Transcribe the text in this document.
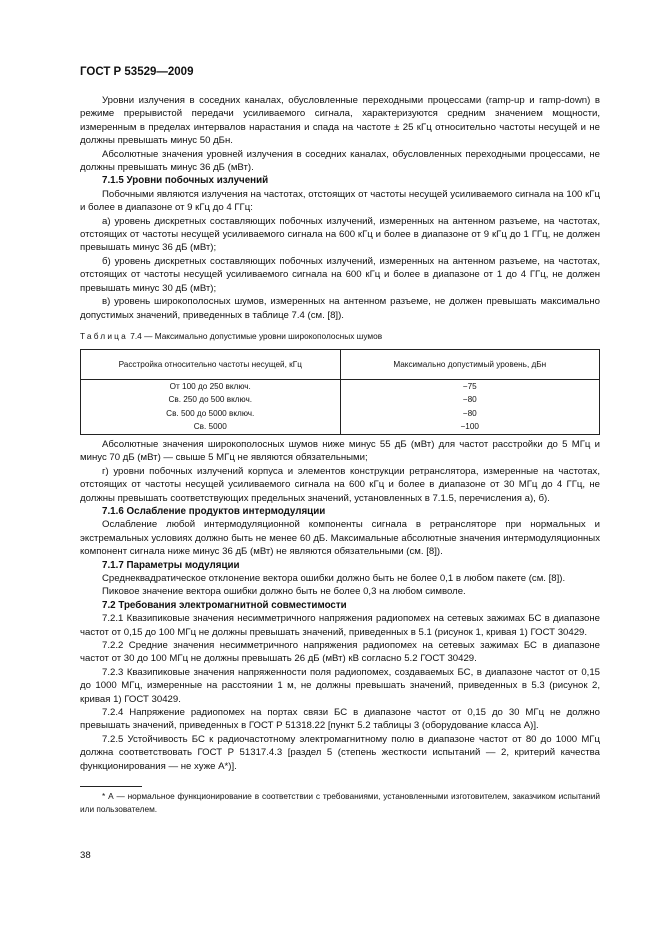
ГОСТ Р 53529—2009

Уровни излучения в соседних каналах, обусловленные переходными процессами (ramp-up и ramp-down) в режиме прерывистой передачи усиливаемого сигнала, характеризуются средним значением мощности, измеренным в пределах интервалов нарастания и спада на частоте ± 25 кГц относительно частоты несущей и не должны превышать минус 50 дБн.

Абсолютные значения уровней излучения в соседних каналах, обусловленных переходными процессами, не должны превышать минус 36 дБ (мВт).

7.1.5 Уровни побочных излучений

Побочными являются излучения на частотах, отстоящих от частоты несущей усиливаемого сигнала на 100 кГц и более в диапазоне от 9 кГц до 4 ГГц:

а) уровень дискретных составляющих побочных излучений, измеренных на антенном разъеме, на частотах, отстоящих от частоты несущей усиливаемого сигнала на 600 кГц и более в диапазоне от 9 кГц до 1 ГГц, не должен превышать минус 36 дБ (мВт);

б) уровень дискретных составляющих побочных излучений, измеренных на антенном разъеме, на частотах, отстоящих от частоты несущей усиливаемого сигнала на 600 кГц и более в диапазоне от 1 до 4 ГГц, не должен превышать минус 30 дБ (мВт);

в) уровень широкополосных шумов, измеренных на антенном разъеме, не должен превышать максимально допустимых значений, приведенных в таблице 7.4 (см. [8]).

Таблица 7.4 — Максимально допустимые уровни широкополосных шумов
Расстройка относительно частоты несущей, кГц	Максимально допустимый уровень, дБн
От 100 до 250 включ.	−75
Св. 250 до 500 включ.	−80
Св. 500 до 5000 включ.	−80
Св. 5000	−100

Абсолютные значения широкополосных шумов ниже минус 55 дБ (мВт) для частот расстройки до 5 МГц и минус 70 дБ (мВт) — свыше 5 МГц не являются обязательными;

г) уровни побочных излучений корпуса и элементов конструкции ретранслятора, измеренные на частотах, отстоящих от частоты несущей усиливаемого сигнала на 600 кГц и более в диапазоне от 30 МГц до 4 ГГц, не должны превышать соответствующих предельных значений, установленных в 7.1.5, перечисления а), б).

7.1.6 Ослабление продуктов интермодуляции

Ослабление любой интермодуляционной компоненты сигнала в ретрансляторе при нормальных и экстремальных условиях должно быть не менее 60 дБ. Максимальные абсолютные значения интермодуляционных компонент сигнала ниже минус 36 дБ (мВт) не являются обязательными (см. [8]).

7.1.7 Параметры модуляции

Среднеквадратическое отклонение вектора ошибки должно быть не более 0,1 в любом пакете (см. [8]).

Пиковое значение вектора ошибки должно быть не более 0,3 на любом символе.

7.2 Требования электромагнитной совместимости

7.2.1 Квазипиковые значения несимметричного напряжения радиопомех на сетевых зажимах БС в диапазоне частот от 0,15 до 100 МГц не должны превышать значений, приведенных в 5.1 (рисунок 1, кривая 1) ГОСТ 30429.

7.2.2 Средние значения несимметричного напряжения радиопомех на сетевых зажимах БС в диапазоне частот от 30 до 100 МГц не должны превышать 26 дБ (мВт) кВ согласно 5.2 ГОСТ 30429.

7.2.3 Квазипиковые значения напряженности поля радиопомех, создаваемых БС, в диапазоне частот от 0,15 до 1000 МГц, измеренные на расстоянии 1 м, не должны превышать значений, приведенных в 5.3 (рисунок 2, кривая 1) ГОСТ 30429.

7.2.4 Напряжение радиопомех на портах связи БС в диапазоне частот от 0,15 до 30 МГц не должно превышать значений, приведенных в ГОСТ Р 51318.22 [пункт 5.2 таблицы 3 (оборудование класса А)].

7.2.5 Устойчивость БС к радиочастотному электромагнитному полю в диапазоне частот от 80 до 1000 МГц должна соответствовать ГОСТ Р 51317.4.3 [раздел 5 (степень жесткости испытаний — 2, критерий качества функционирования — не хуже А*)].

* А — нормальное функционирование в соответствии с требованиями, установленными изготовителем, заказчиком испытаний или пользователем.
38
